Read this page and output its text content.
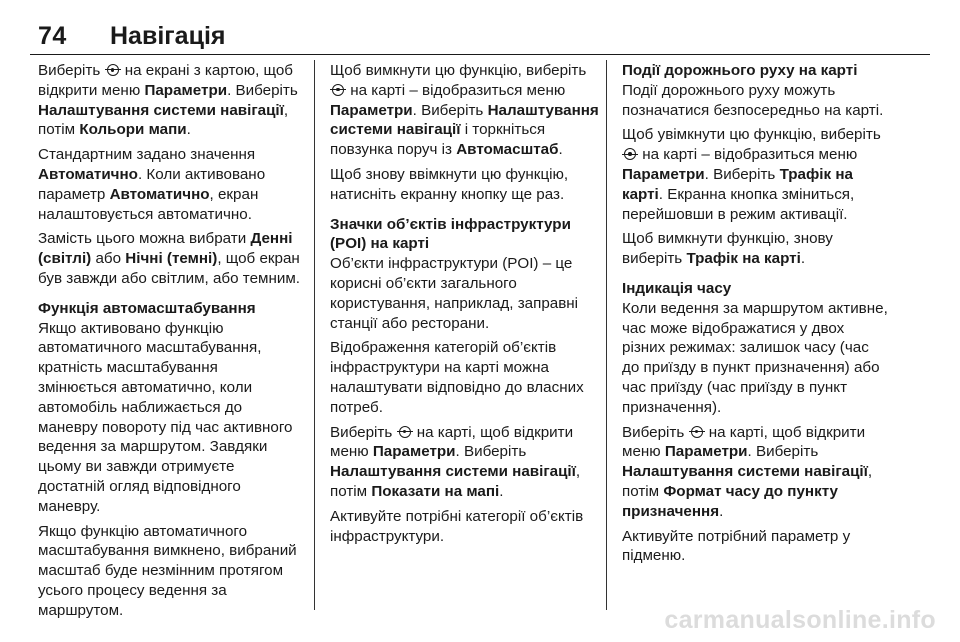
74 Навігація

Виберіть  на екрані з картою, щоб відкрити меню Параметри. Виберіть Налаштування системи навігації, потім Кольори мапи.

Стандартним задано значення Автоматично. Коли активовано параметр Автоматично, екран налаштовується автоматично.

Замість цього можна вибрати Денні (світлі) або Нічні (темні), щоб екран був завжди або світлим, або темним.

Функція автомасштабування

Якщо активовано функцію автоматичного масштабування, кратність масштабування змінюється автоматично, коли автомобіль наближається до маневру повороту під час активного ведення за маршрутом. Завдяки цьому ви завжди отримуєте достатній огляд відповідного маневру.

Якщо функцію автоматичного масштабування вимкнено, вибраний масштаб буде незмінним протягом усього процесу ведення за маршрутом.

Щоб вимкнути цю функцію, виберіть  на карті – відобразиться меню Параметри. Виберіть Налаштування системи навігації і торкніться повзунка поруч із Автомасштаб.

Щоб знову ввімкнути цю функцію, натисніть екранну кнопку ще раз.

Значки об’єктів інфраструктури (POI) на карті

Об’єкти інфраструктури (POI) – це корисні об’єкти загального користування, наприклад, заправні станції або ресторани.

Відображення категорій об’єктів інфраструктури на карті можна налаштувати відповідно до власних потреб.

Виберіть  на карті, щоб відкрити меню Параметри. Виберіть Налаштування системи навігації, потім Показати на мапі.

Активуйте потрібні категорії об’єктів інфраструктури.

Події дорожнього руху на карті

Події дорожнього руху можуть позначатися безпосередньо на карті.

Щоб увімкнути цю функцію, виберіть  на карті – відобразиться меню Параметри. Виберіть Трафік на карті. Екранна кнопка зміниться, перейшовши в режим активації.

Щоб вимкнути функцію, знову виберіть Трафік на карті.

Індикація часу

Коли ведення за маршрутом активне, час може відображатися у двох різних режимах: залишок часу (час до приїзду в пункт призначення) або час приїзду (час приїзду в пункт призначення).

Виберіть  на карті, щоб відкрити меню Параметри. Виберіть Налаштування системи навігації, потім Формат часу до пункту призначення.

Активуйте потрібний параметр у підменю.

carmanualsonline.info
